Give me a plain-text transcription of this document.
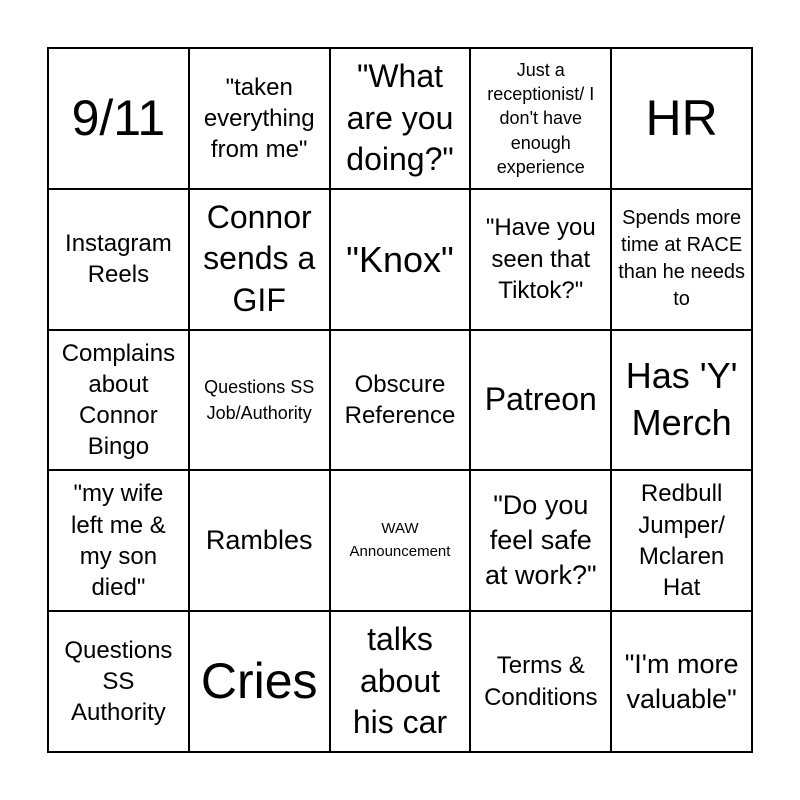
9/11
"taken everything from me"
"What are you doing?"
Just a receptionist/ I don't have enough experience
HR
Instagram Reels
Connor sends a GIF
"Knox"
"Have you seen that Tiktok?"
Spends more time at RACE than he needs to
Complains about Connor Bingo
Questions SS Job/Authority
Obscure Reference Patreon
Has 'Y' Merch
"my wife left me & my son died"
Rambles	WAW Announcement
"Do you feel safe at work?"
Redbull Jumper/ Mclaren Hat
Questions SS Authority
Cries
talks about his car
Terms & Conditions
"I'm more valuable"
